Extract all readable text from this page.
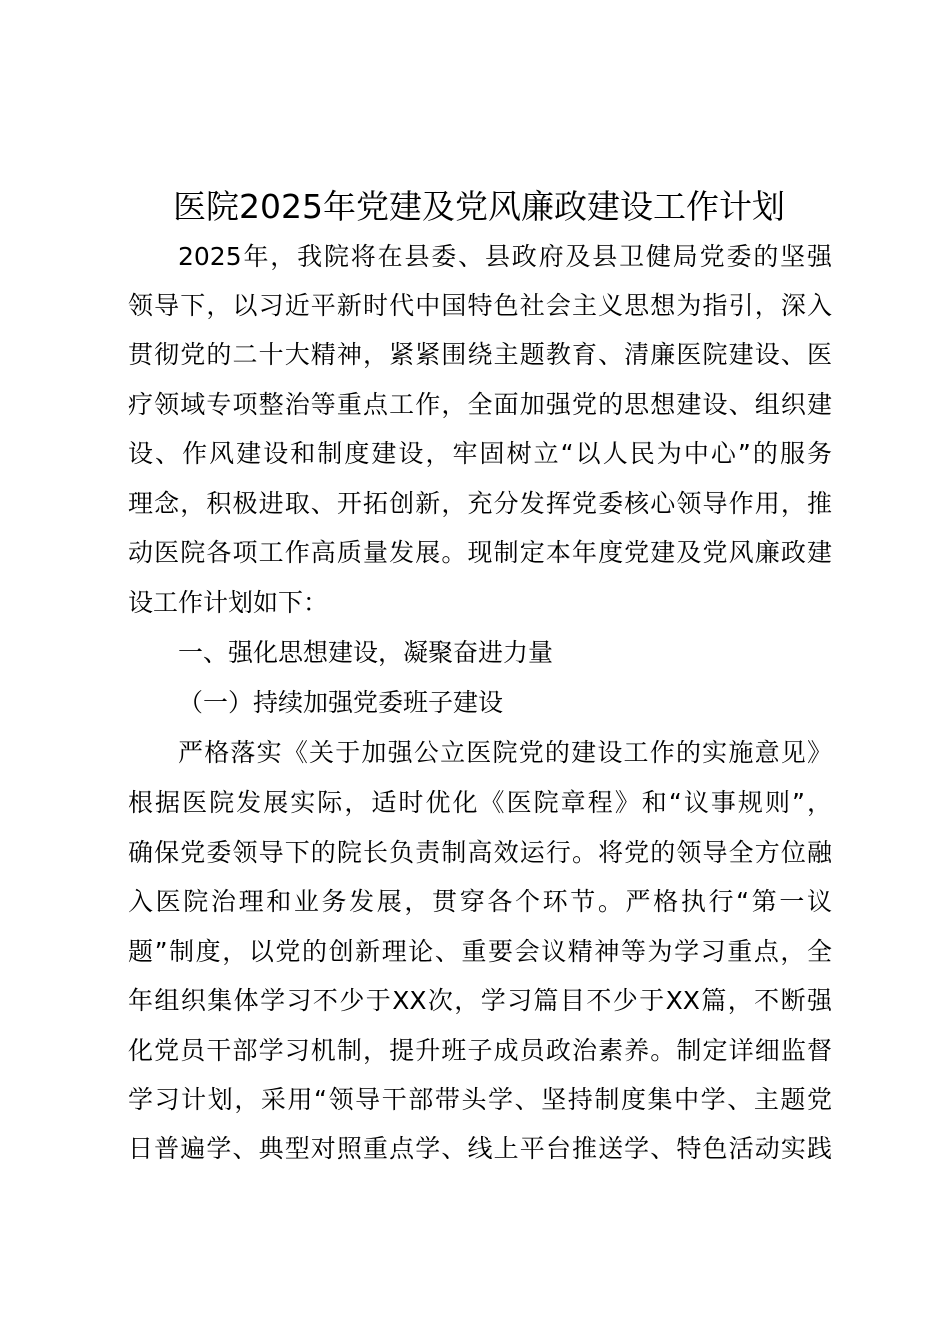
医院2025年党建及党风廉政建设工作计划

2025年，我院将在县委、县政府及县卫健局党委的坚强

领导下，以习近平新时代中国特色社会主义思想为指引，深入

贯彻党的二十大精神，紧紧围绕主题教育、清廉医院建设、医

疗领域专项整治等重点工作，全面加强党的思想建设、组织建

设、作风建设和制度建设，牢固树立“以人民为中心”的服务

理念，积极进取、开拓创新，充分发挥党委核心领导作用，推

动医院各项工作高质量发展。现制定本年度党建及党风廉政建

设工作计划如下：

一、强化思想建设，凝聚奋进力量

（一）持续加强党委班子建设

严格落实《关于加强公立医院党的建设工作的实施意见》

根据医院发展实际，适时优化《医院章程》和“议事规则”，

确保党委领导下的院长负责制高效运行。将党的领导全方位融

入医院治理和业务发展，贯穿各个环节。严格执行“第一议

题”制度，以党的创新理论、重要会议精神等为学习重点，全

年组织集体学习不少于XX次，学习篇目不少于XX篇，不断强

化党员干部学习机制，提升班子成员政治素养。制定详细监督

学习计划，采用“领导干部带头学、坚持制度集中学、主题党

日普遍学、典型对照重点学、线上平台推送学、特色活动实践
